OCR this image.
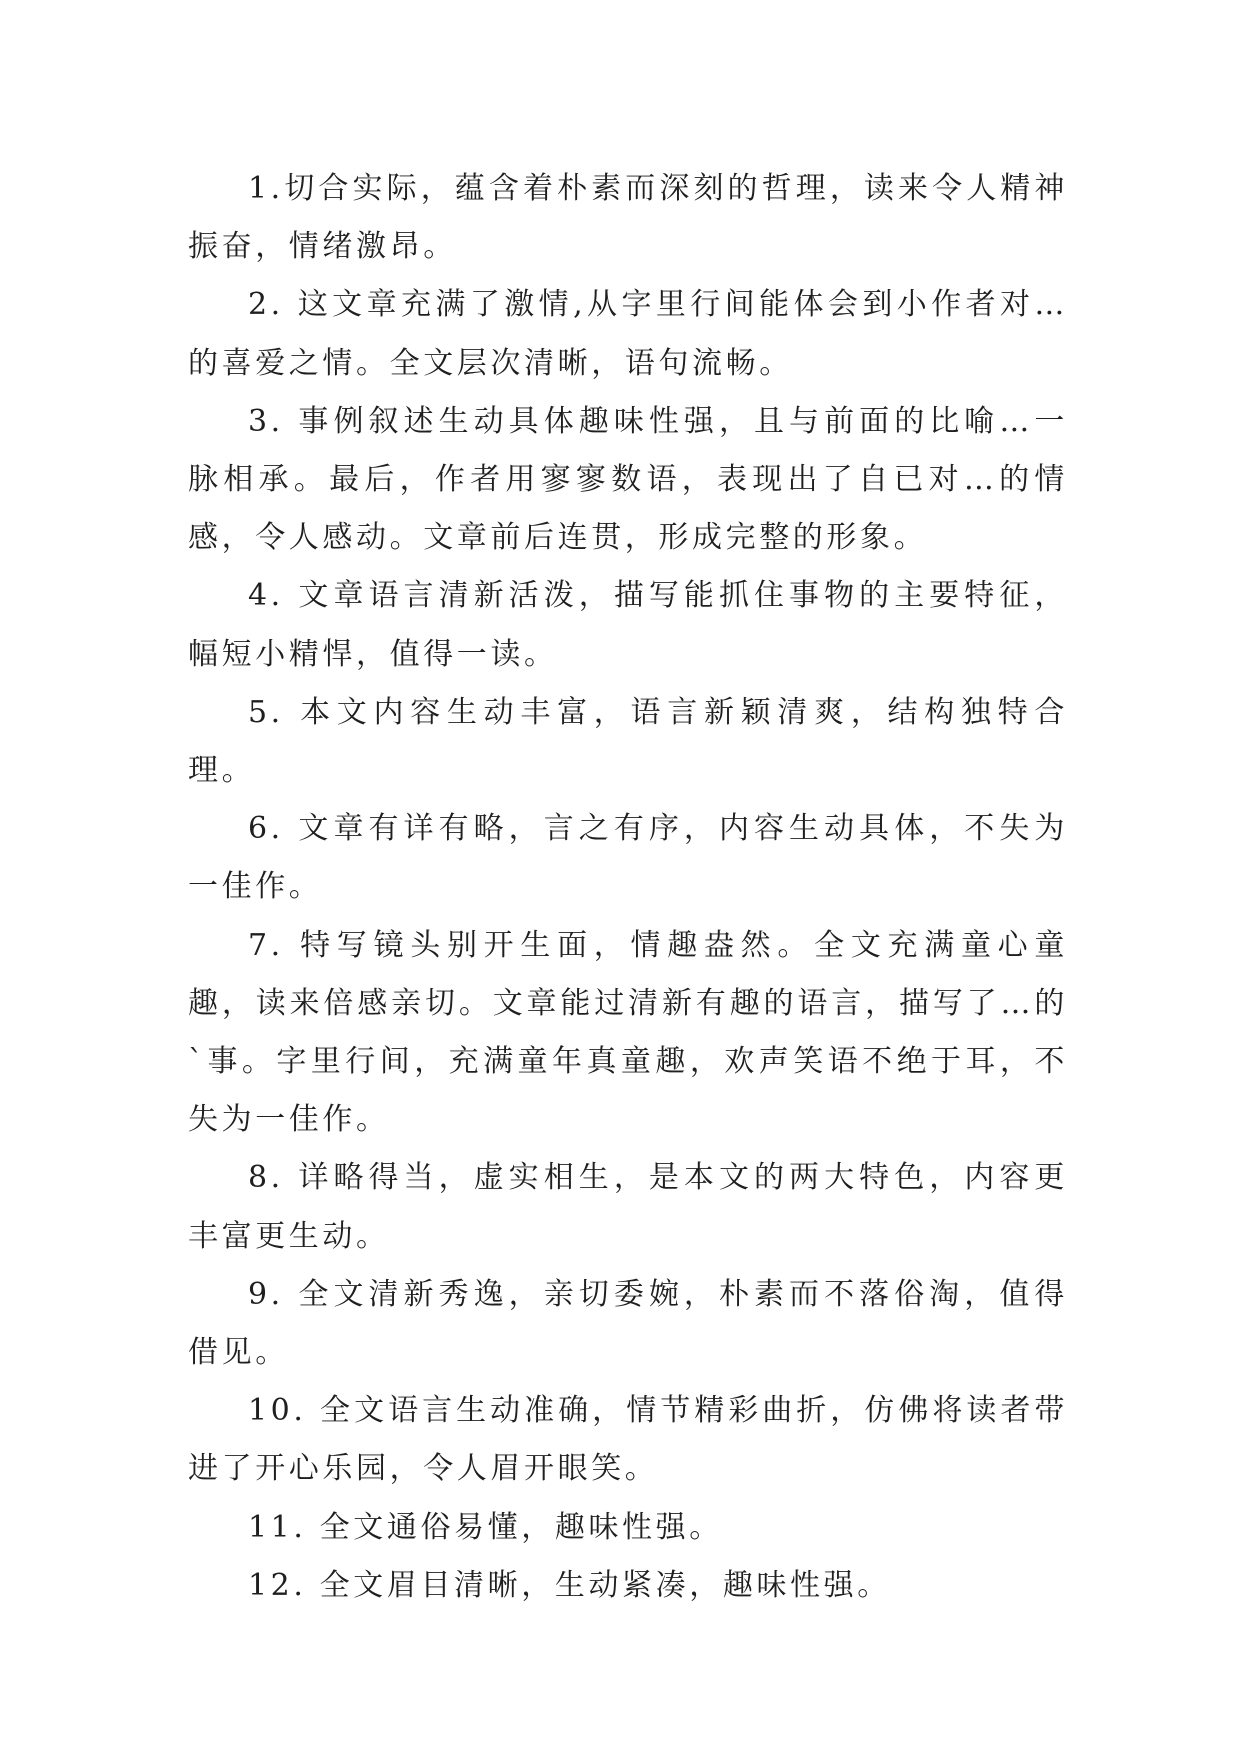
1.切合实际，蕴含着朴素而深刻的哲理，读来令人精神振奋，情绪激昂。

2. 这文章充满了激情,从字里行间能体会到小作者对…的喜爱之情。全文层次清晰，语句流畅。

3. 事例叙述生动具体趣味性强，且与前面的比喻…一脉相承。最后，作者用寥寥数语，表现出了自已对…的情感，令人感动。文章前后连贯，形成完整的形象。

4. 文章语言清新活泼，描写能抓住事物的主要特征，幅短小精悍，值得一读。

5. 本文内容生动丰富，语言新颖清爽，结构独特合理。

6. 文章有详有略，言之有序，内容生动具体，不失为一佳作。

7. 特写镜头别开生面，情趣盎然。全文充满童心童趣，读来倍感亲切。文章能过清新有趣的语言，描写了…的`事。字里行间，充满童年真童趣，欢声笑语不绝于耳，不失为一佳作。

8. 详略得当，虚实相生，是本文的两大特色，内容更丰富更生动。

9. 全文清新秀逸，亲切委婉，朴素而不落俗淘，值得借见。

10. 全文语言生动准确，情节精彩曲折，仿佛将读者带进了开心乐园，令人眉开眼笑。

11. 全文通俗易懂，趣味性强。

12. 全文眉目清晰，生动紧凑，趣味性强。
